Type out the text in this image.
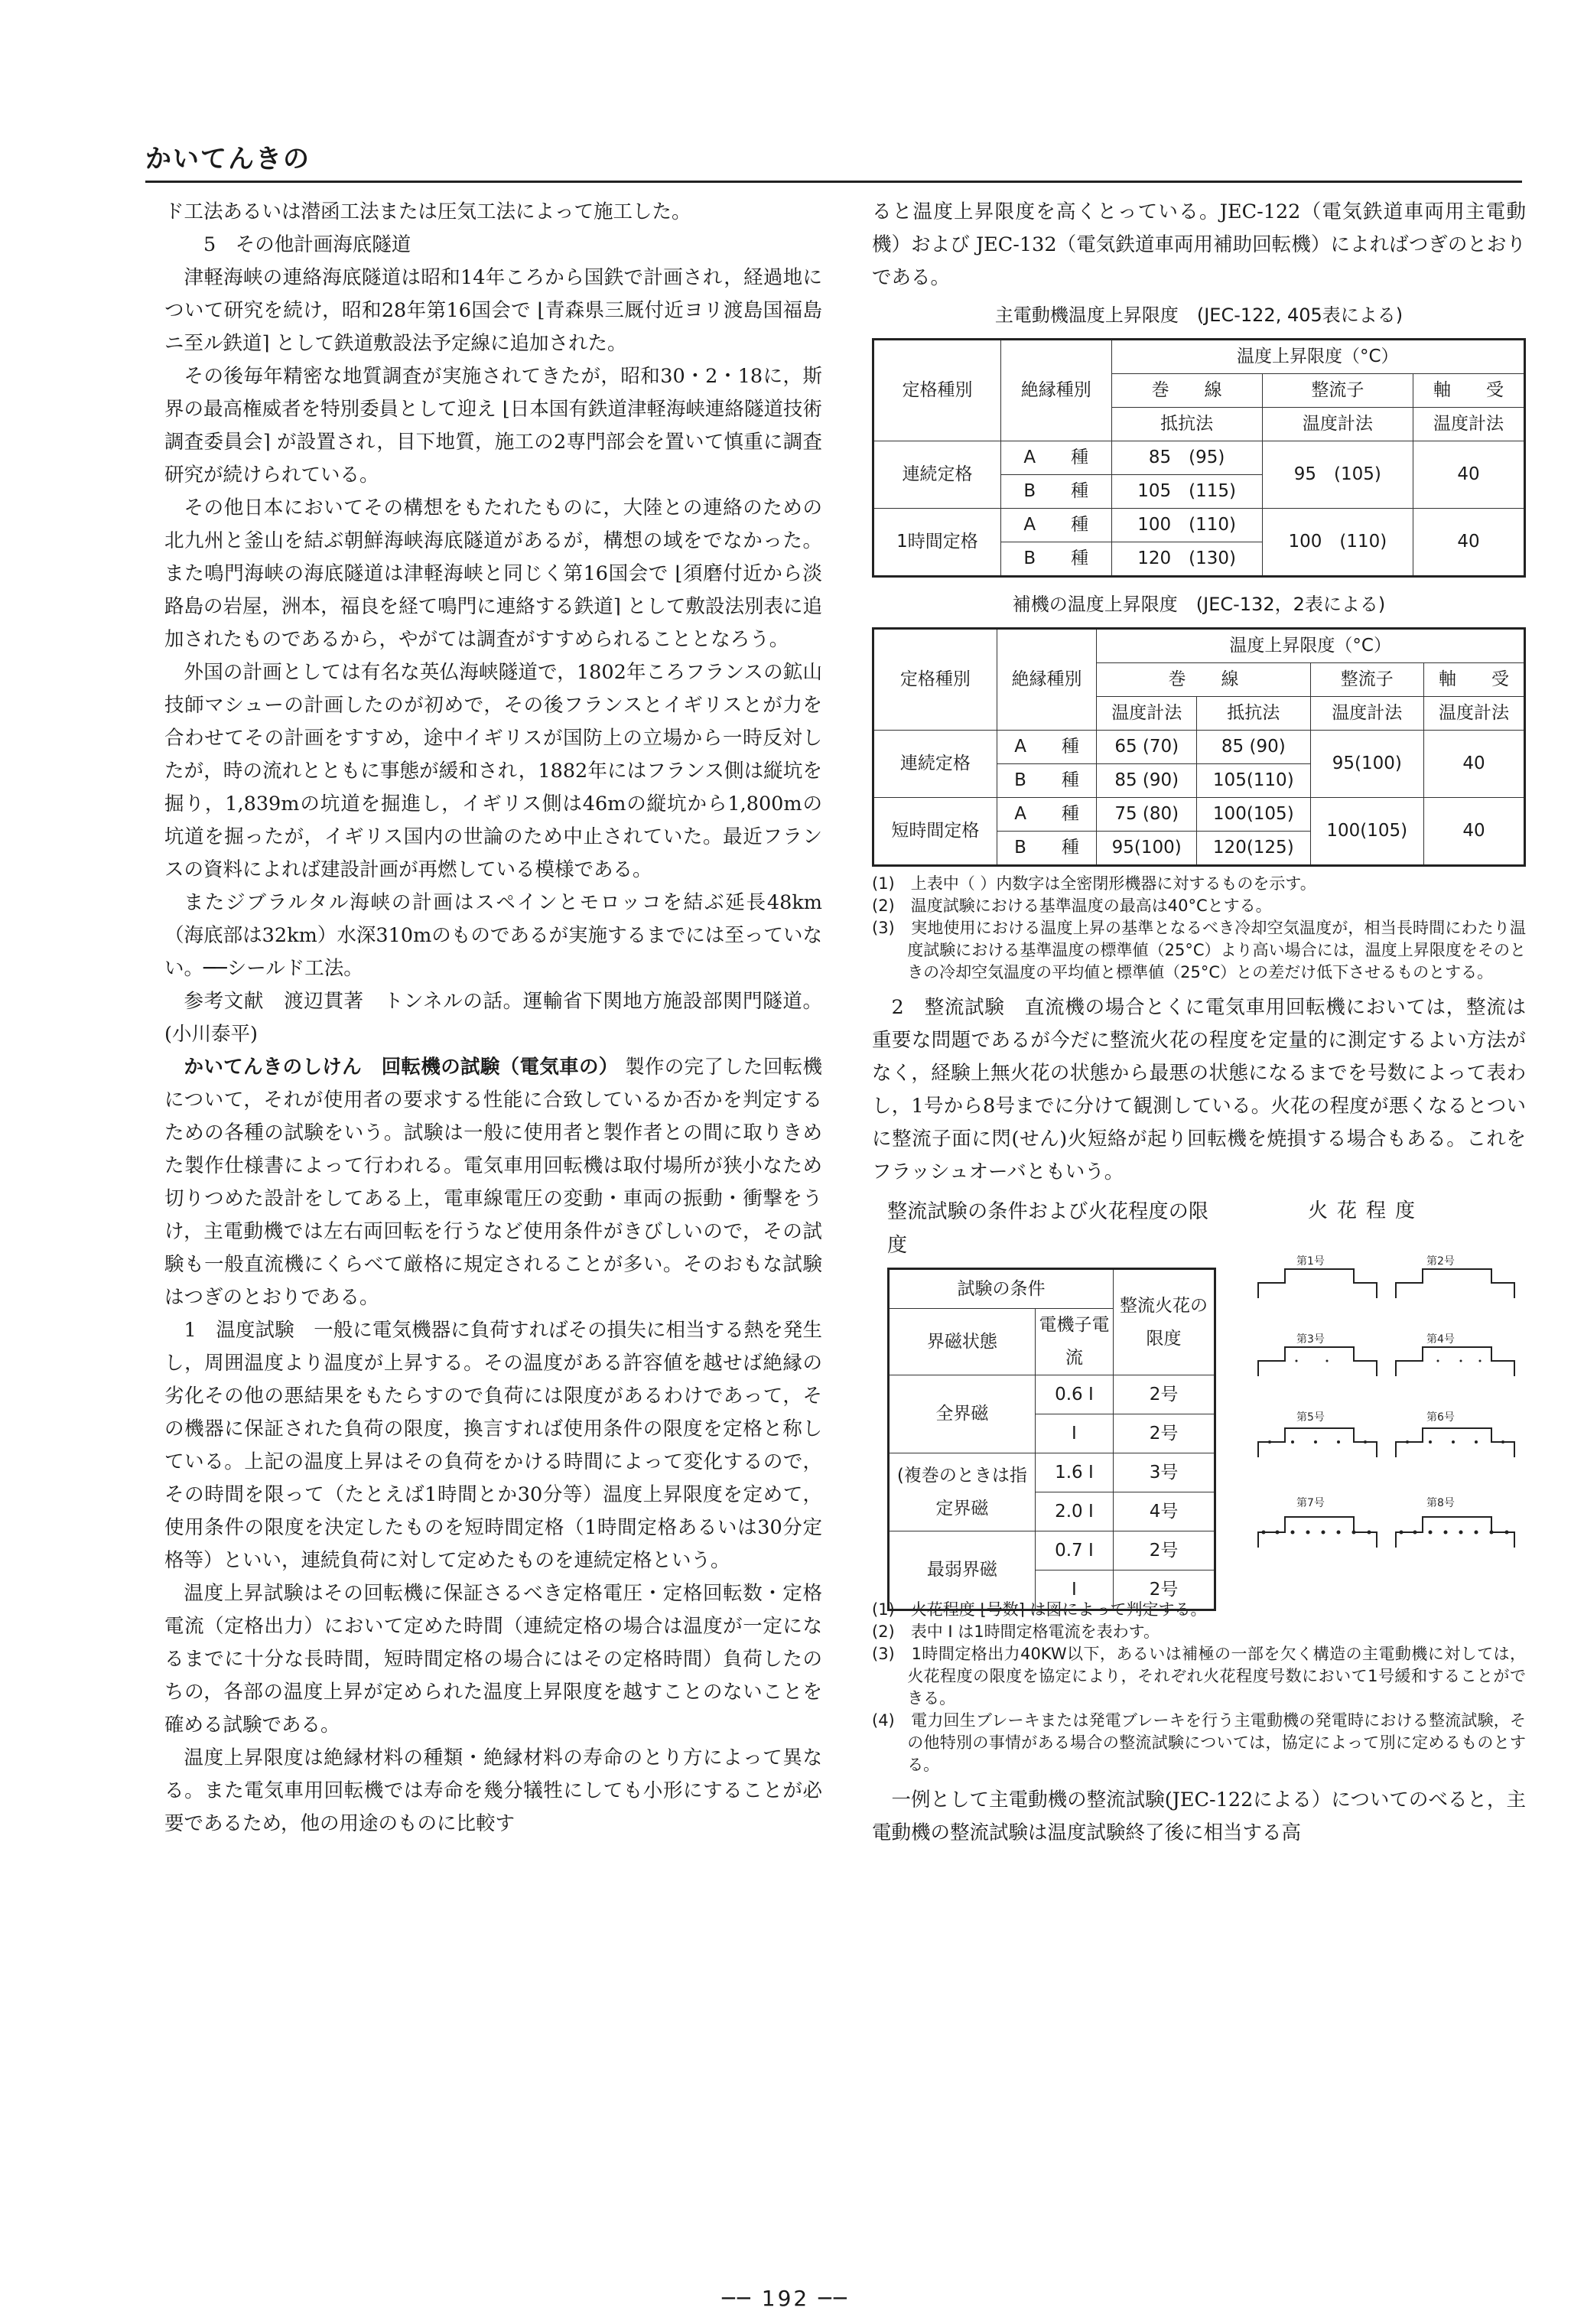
かいてんきの

ド工法あるいは潜函工法または圧気工法によって施工した。

5　その他計画海底隧道

津軽海峡の連絡海底隧道は昭和14年ころから国鉄で計画され，経過地について研究を続け，昭和28年第16国会で ⌊青森県三厩付近ヨリ渡島国福島ニ至ル鉄道⌉ として鉄道敷設法予定線に追加された。

その後毎年精密な地質調査が実施されてきたが，昭和30・2・18に，斯界の最高権威者を特別委員として迎え ⌊日本国有鉄道津軽海峡連絡隧道技術調査委員会⌉ が設置され，目下地質，施工の2専門部会を置いて慎重に調査研究が続けられている。

その他日本においてその構想をもたれたものに，大陸との連絡のための北九州と釜山を結ぶ朝鮮海峡海底隧道があるが，構想の域をでなかった。また鳴門海峡の海底隧道は津軽海峡と同じく第16国会で ⌊須磨付近から淡路島の岩屋，洲本，福良を経て鳴門に連絡する鉄道⌉ として敷設法別表に追加されたものであるから，やがては調査がすすめられることとなろう。

外国の計画としては有名な英仏海峡隧道で，1802年ころフランスの鉱山技師マシューの計画したのが初めで，その後フランスとイギリスとが力を合わせてその計画をすすめ，途中イギリスが国防上の立場から一時反対したが，時の流れとともに事態が緩和され，1882年にはフランス側は縦坑を掘り，1,839mの坑道を掘進し，イギリス側は46mの縦坑から1,800mの坑道を掘ったが，イギリス国内の世論のため中止されていた。最近フランスの資料によれば建設計画が再燃している模様である。

またジブラルタル海峡の計画はスペインとモロッコを結ぶ延長48km（海底部は32km）水深310mのものであるが実施するまでには至っていない。──シールド工法。

参考文献　渡辺貫著　トンネルの話。運輸省下関地方施設部関門隧道。(小川泰平)

かいてんきのしけん　回転機の試験（電気車の） 製作の完了した回転機について，それが使用者の要求する性能に合致しているか否かを判定するための各種の試験をいう。試験は一般に使用者と製作者との間に取りきめた製作仕様書によって行われる。電気車用回転機は取付場所が狭小なため切りつめた設計をしてある上，電車線電圧の変動・車両の振動・衝撃をうけ，主電動機では左右両回転を行うなど使用条件がきびしいので，その試験も一般直流機にくらべて厳格に規定されることが多い。そのおもな試験はつぎのとおりである。

1　温度試験　一般に電気機器に負荷すればその損失に相当する熱を発生し，周囲温度より温度が上昇する。その温度がある許容値を越せば絶縁の劣化その他の悪結果をもたらすので負荷には限度があるわけであって，その機器に保証された負荷の限度，換言すれば使用条件の限度を定格と称している。上記の温度上昇はその負荷をかける時間によって変化するので，その時間を限って（たとえば1時間とか30分等）温度上昇限度を定めて，使用条件の限度を決定したものを短時間定格（1時間定格あるいは30分定格等）といい，連続負荷に対して定めたものを連続定格という。

温度上昇試験はその回転機に保証さるべき定格電圧・定格回転数・定格電流（定格出力）において定めた時間（連続定格の場合は温度が一定になるまでに十分な長時間，短時間定格の場合にはその定格時間）負荷したのちの，各部の温度上昇が定められた温度上昇限度を越すことのないことを確める試験である。

温度上昇限度は絶縁材料の種類・絶縁材料の寿命のとり方によって異なる。また電気車用回転機では寿命を幾分犠牲にしても小形にすることが必要であるため，他の用途のものに比較す

ると温度上昇限度を高くとっている。JEC-122（電気鉄道車両用主電動機）および JEC-132（電気鉄道車両用補助回転機）によればつぎのとおりである。

主電動機温度上昇限度　(JEC-122, 405表による)
定格種別	絶縁種別	温度上昇限度（°C）		
		巻　　線	整流子	軸　　受
		抵抗法	温度計法	温度計法
連続定格	A　　種	85　(95)	95　(105)	40
	B　　種	105　(115)		
1時間定格	A　　種	100　(110)	100　(110)	40
	B　　種	120　(130)		
補機の温度上昇限度　(JEC-132，2表による)
定格種別	絶縁種別	温度上昇限度（°C）			
		巻　　線		整流子	軸　　受
		温度計法	抵抗法	温度計法	温度計法
連続定格	A　　種	65 (70)	85 (90)	95(100)	40
	B　　種	85 (90)	105(110)		
短時間定格	A　　種	75 (80)	100(105)	100(105)	40
	B　　種	95(100)	120(125)		
(1)　上表中（ ）内数字は全密閉形機器に対するものを示す。
(2)　温度試験における基準温度の最高は40°Cとする。
(3)　実地使用における温度上昇の基準となるべき冷却空気温度が，相当長時間にわたり温度試験における基準温度の標準値（25°C）より高い場合には，温度上昇限度をそのときの冷却空気温度の平均値と標準値（25°C）との差だけ低下させるものとする。

2　整流試験　直流機の場合とくに電気車用回転機においては，整流は重要な問題であるが今だに整流火花の程度を定量的に測定するよい方法がなく，経験上無火花の状態から最悪の状態になるまでを号数によって表わし，1号から8号までに分けて観測している。火花の程度が悪くなるとついに整流子面に閃(せん)火短絡が起り回転機を焼損する場合もある。これをフラッシュオーバともいう。

整流試験の条件および火花程度の限度
火花程度
試験の条件		整流火花の限度
界磁状態	電機子電流	
全界磁	0.6 I	2号
	I	2号
(複巻のときは指定界磁	1.6 I	3号
	2.0 I	4号
最弱界磁	0.7 I	2号
	I	2号
第1号	第2号
第3号	第4号
第5号	第6号
第7号	第8号
(1)　火花程度 ⌊号数⌉ は図によって判定する。
(2)　表中 I は1時間定格電流を表わす。
(3)　1時間定格出力40KW以下，あるいは補極の一部を欠く構造の主電動機に対しては，火花程度の限度を協定により，それぞれ火花程度号数において1号緩和することができる。
(4)　電力回生ブレーキまたは発電ブレーキを行う主電動機の発電時における整流試験，その他特別の事情がある場合の整流試験については，協定によって別に定めるものとする。

一例として主電動機の整流試験(JEC-122による）についてのべると，主電動機の整流試験は温度試験終了後に相当する高

── 192 ──
